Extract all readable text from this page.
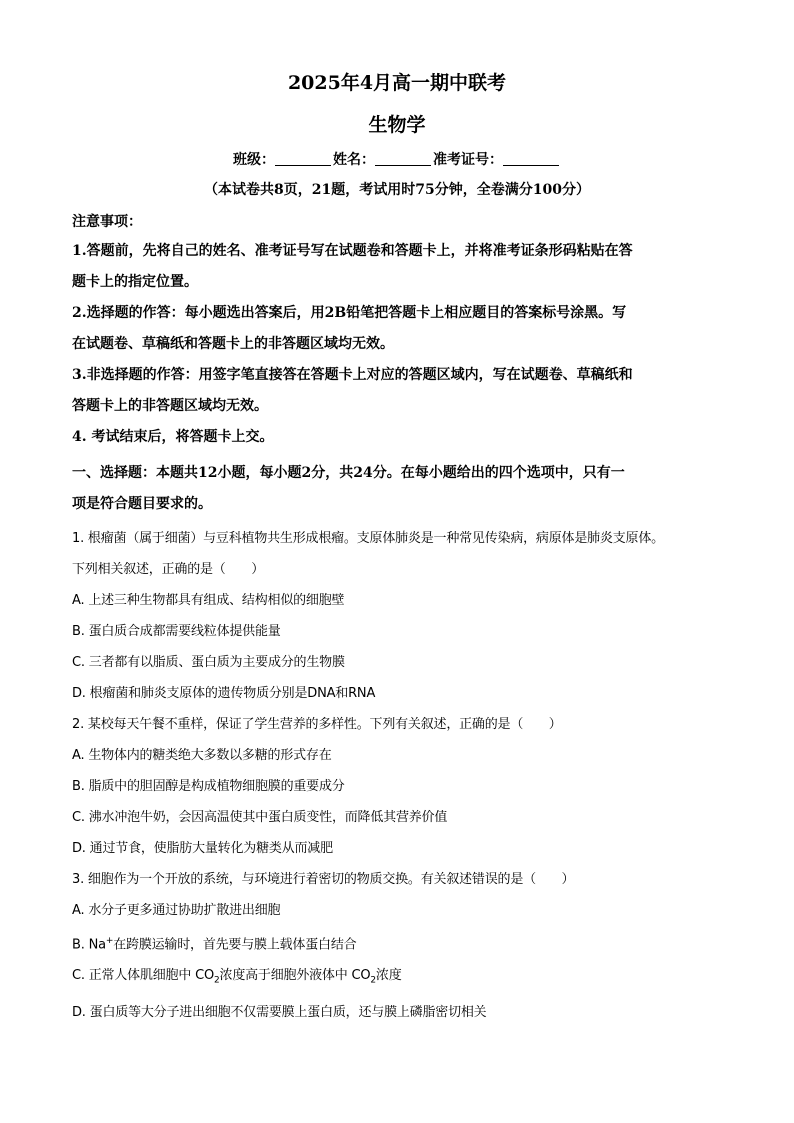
2025年4月高一期中联考
生物学
班级：	姓名：	准考证号：
（本试卷共8页，21题，考试用时75分钟，全卷满分100分）

注意事项：

1.答题前，先将自己的姓名、准考证号写在试题卷和答题卡上，并将准考证条形码粘贴在答

题卡上的指定位置。

2.选择题的作答：每小题选出答案后，用2B铅笔把答题卡上相应题目的答案标号涂黑。写

在试题卷、草稿纸和答题卡上的非答题区域均无效。

3.非选择题的作答：用签字笔直接答在答题卡上对应的答题区域内，写在试题卷、草稿纸和

答题卡上的非答题区域均无效。

4. 考试结束后，将答题卡上交。

一、选择题：本题共12小题，每小题2分，共24分。在每小题给出的四个选项中，只有一

项是符合题目要求的。

1. 根瘤菌（属于细菌）与豆科植物共生形成根瘤。支原体肺炎是一种常见传染病，病原体是肺炎支原体。

下列相关叙述，正确的是（　　）

A. 上述三种生物都具有组成、结构相似的细胞壁

B. 蛋白质合成都需要线粒体提供能量

C. 三者都有以脂质、蛋白质为主要成分的生物膜

D. 根瘤菌和肺炎支原体的遗传物质分别是DNA和RNA

2. 某校每天午餐不重样，保证了学生营养的多样性。下列有关叙述，正确的是（　　）

A. 生物体内的糖类绝大多数以多糖的形式存在

B. 脂质中的胆固醇是构成植物细胞膜的重要成分

C. 沸水冲泡牛奶，会因高温使其中蛋白质变性，而降低其营养价值

D. 通过节食，使脂肪大量转化为糖类从而减肥

3. 细胞作为一个开放的系统，与环境进行着密切的物质交换。有关叙述错误的是（　　）

A. 水分子更多通过协助扩散进出细胞

B. Na+在跨膜运输时，首先要与膜上载体蛋白结合

C. 正常人体肌细胞中 $CO_2$浓度高于细胞外液体中 $CO_2$浓度

D. 蛋白质等大分子进出细胞不仅需要膜上蛋白质，还与膜上磷脂密切相关
